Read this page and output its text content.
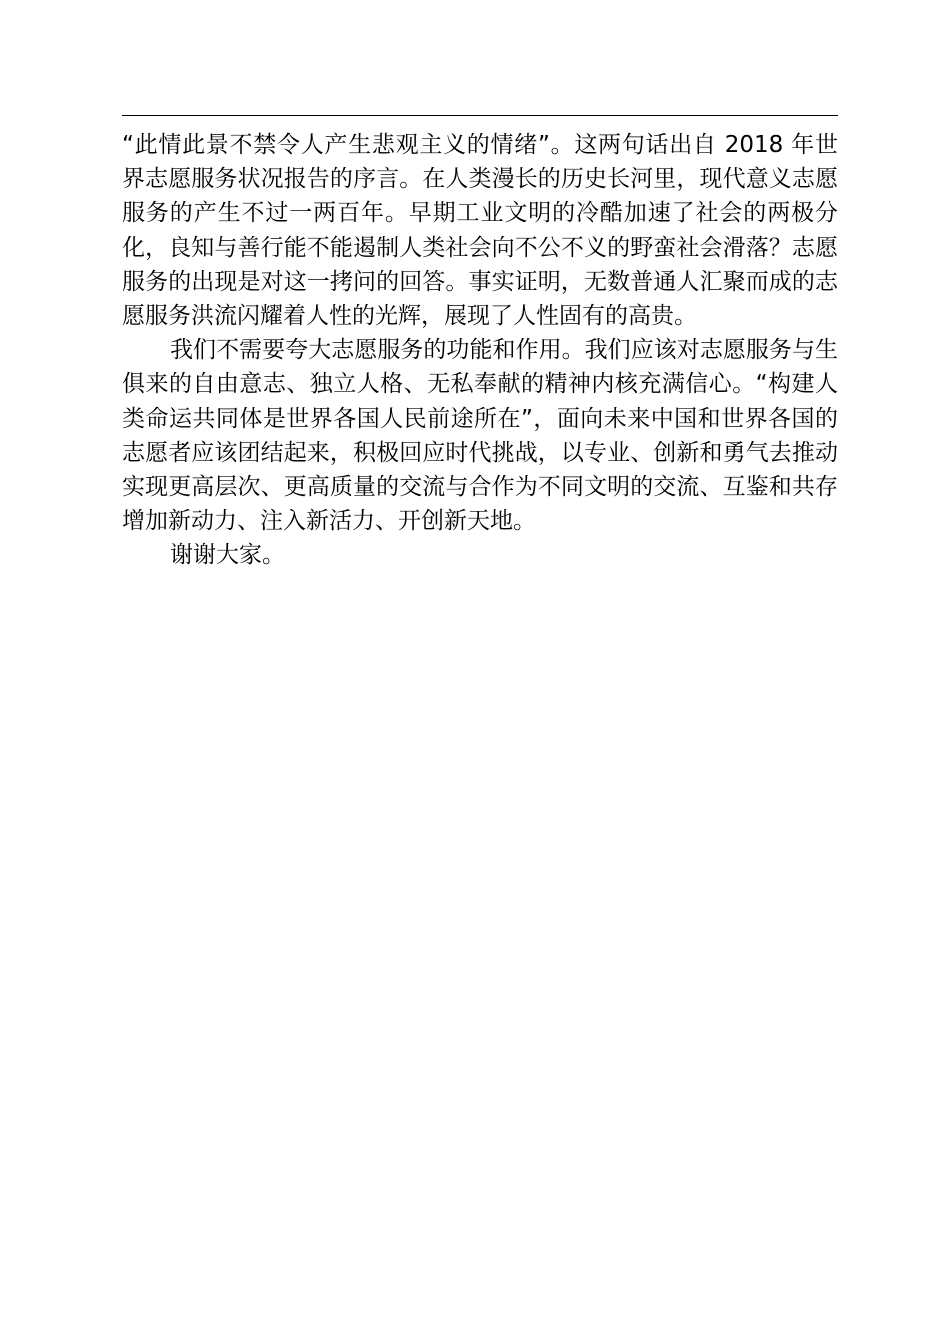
“此情此景不禁令人产生悲观主义的情绪”。这两句话出自 2018 年世界志愿服务状况报告的序言。在人类漫长的历史长河里，现代意义志愿服务的产生不过一两百年。早期工业文明的冷酷加速了社会的两极分化，良知与善行能不能遏制人类社会向不公不义的野蛮社会滑落？志愿服务的出现是对这一拷问的回答。事实证明，无数普通人汇聚而成的志愿服务洪流闪耀着人性的光辉，展现了人性固有的高贵。

我们不需要夸大志愿服务的功能和作用。我们应该对志愿服务与生俱来的自由意志、独立人格、无私奉献的精神内核充满信心。“构建人类命运共同体是世界各国人民前途所在”，面向未来中国和世界各国的志愿者应该团结起来，积极回应时代挑战，以专业、创新和勇气去推动实现更高层次、更高质量的交流与合作为不同文明的交流、互鉴和共存增加新动力、注入新活力、开创新天地。

谢谢大家。
